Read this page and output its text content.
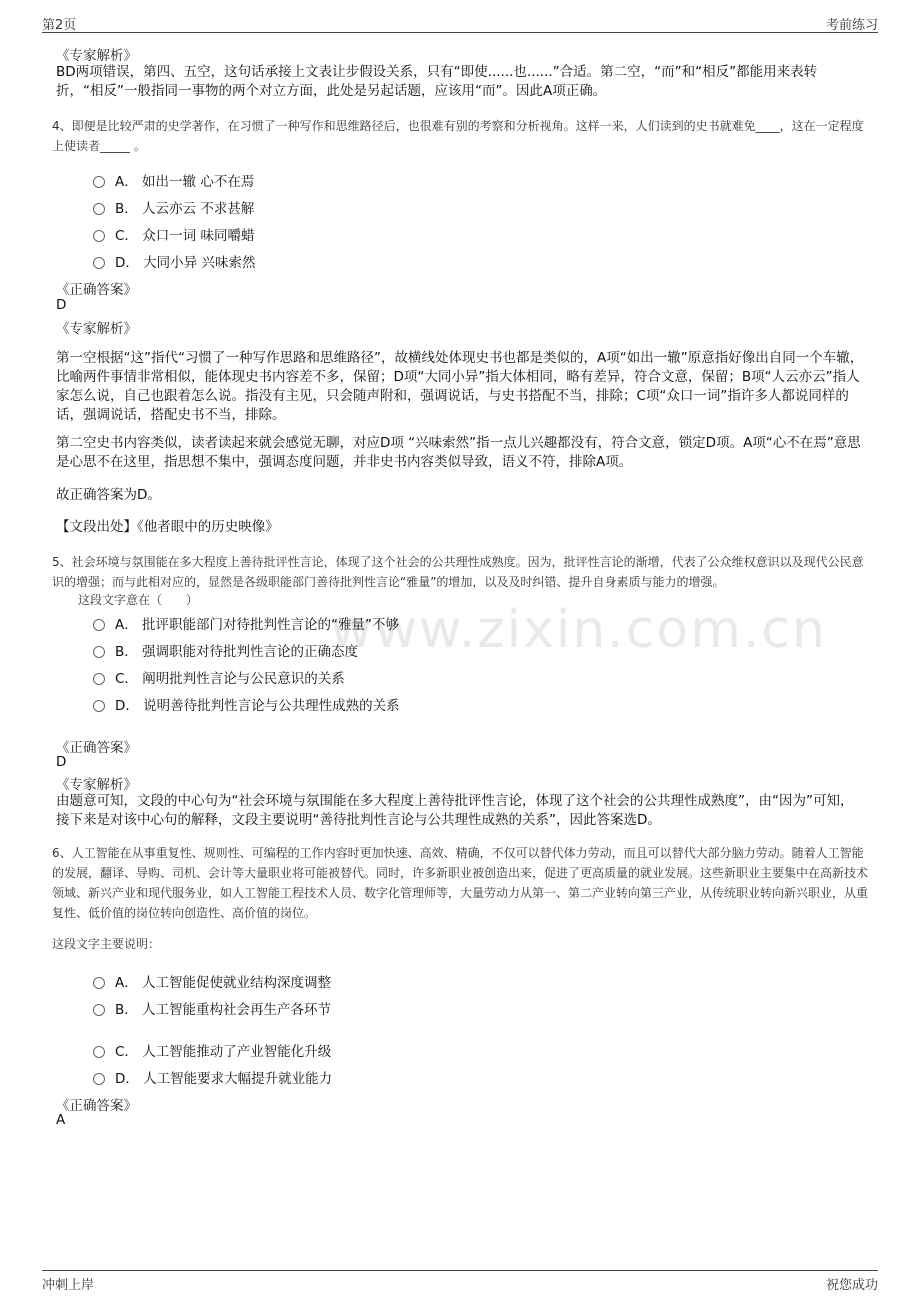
第2页	考前练习
www.zixin.com.cn
《专家解析》
BD两项错误，第四、五空，这句话承接上文表让步假设关系，只有“即使......也......”合适。第二空，“而”和“相反”都能用来表转折，“相反”一般指同一事物的两个对立方面，此处是另起话题，应该用“而”。因此A项正确。
4、即便是比较严肃的史学著作，在习惯了一种写作和思维路径后，也很难有别的考察和分析视角。这样一来，人们读到的史书就难免____，这在一定程度上使读者_____ 。
A． 如出一辙 心不在焉
B． 人云亦云 不求甚解
C． 众口一词 味同嚼蜡
D． 大同小异 兴味索然
《正确答案》
D
《专家解析》
第一空根据“这”指代“习惯了一种写作思路和思维路径”，故横线处体现史书也都是类似的，A项“如出一辙”原意指好像出自同一个车辙，比喻两件事情非常相似，能体现史书内容差不多，保留；D项“大同小异”指大体相同，略有差异，符合文意，保留；B项“人云亦云”指人家怎么说，自己也跟着怎么说。指没有主见，只会随声附和，强调说话，与史书搭配不当，排除；C项“众口一词”指许多人都说同样的话，强调说话，搭配史书不当，排除。
第二空史书内容类似，读者读起来就会感觉无聊，对应D项 “兴味索然”指一点儿兴趣都没有，符合文意，锁定D项。A项“心不在焉”意思是心思不在这里，指思想不集中，强调态度问题，并非史书内容类似导致，语义不符，排除A项。
故正确答案为D。
【文段出处】《他者眼中的历史映像》
5、社会环境与氛围能在多大程度上善待批评性言论，体现了这个社会的公共理性成熟度。因为，批评性言论的渐增，代表了公众维权意识以及现代公民意识的增强；而与此相对应的，显然是各级职能部门善待批判性言论“雅量”的增加，以及及时纠错、提升自身素质与能力的增强。
这段文字意在（　　）
A． 批评职能部门对待批判性言论的“雅量”不够
B． 强调职能对待批判性言论的正确态度
C． 阐明批判性言论与公民意识的关系
D． 说明善待批判性言论与公共理性成熟的关系
《正确答案》
D
《专家解析》
由题意可知，文段的中心句为“社会环境与氛围能在多大程度上善待批评性言论，体现了这个社会的公共理性成熟度”，由“因为”可知，接下来是对该中心句的解释，文段主要说明“善待批判性言论与公共理性成熟的关系”，因此答案选D。
6、人工智能在从事重复性、规则性、可编程的工作内容时更加快速、高效、精确，不仅可以替代体力劳动，而且可以替代大部分脑力劳动。随着人工智能的发展，翻译、导购、司机、会计等大量职业将可能被替代。同时，许多新职业被创造出来，促进了更高质量的就业发展。这些新职业主要集中在高新技术领域、新兴产业和现代服务业，如人工智能工程技术人员、数字化管理师等，大量劳动力从第一、第二产业转向第三产业，从传统职业转向新兴职业，从重复性、低价值的岗位转向创造性、高价值的岗位。
这段文字主要说明：
A． 人工智能促使就业结构深度调整
B． 人工智能重构社会再生产各环节
C． 人工智能推动了产业智能化升级
D． 人工智能要求大幅提升就业能力
《正确答案》
A
冲刺上岸	祝您成功
